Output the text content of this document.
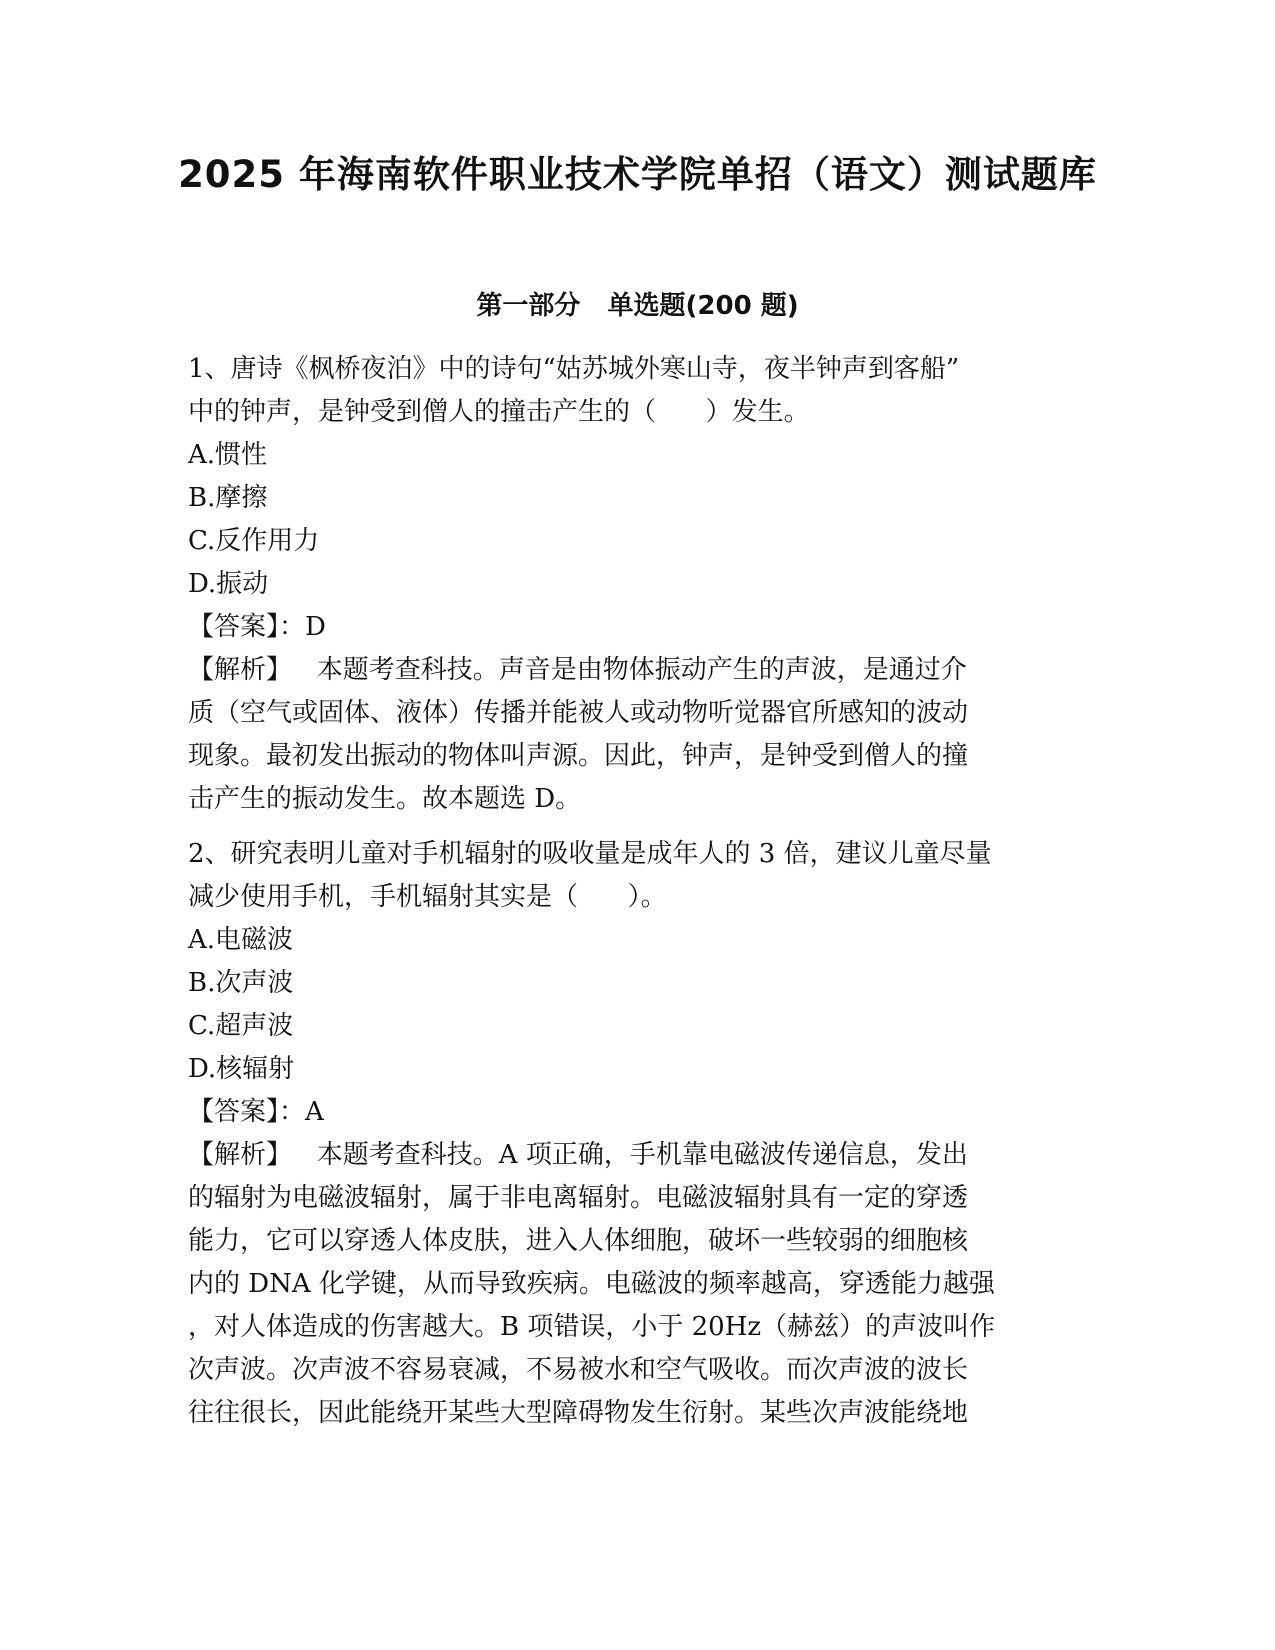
2025 年海南软件职业技术学院单招（语文）测试题库
第一部分   单选题(200 题)
1、唐诗《枫桥夜泊》中的诗句“姑苏城外寒山寺，夜半钟声到客船”
中的钟声，是钟受到僧人的撞击产生的（      ）发生。
A.惯性
B.摩擦
C.反作用力
D.振动
【答案】：D
【解析】   本题考查科技。声音是由物体振动产生的声波，是通过介
质（空气或固体、液体）传播并能被人或动物听觉器官所感知的波动
现象。最初发出振动的物体叫声源。因此，钟声，是钟受到僧人的撞
击产生的振动发生。故本题选 D。
2、研究表明儿童对手机辐射的吸收量是成年人的 3 倍，建议儿童尽量
减少使用手机，手机辐射其实是（      ）。
A.电磁波
B.次声波
C.超声波
D.核辐射
【答案】：A
【解析】   本题考查科技。A 项正确，手机靠电磁波传递信息，发出
的辐射为电磁波辐射，属于非电离辐射。电磁波辐射具有一定的穿透
能力，它可以穿透人体皮肤，进入人体细胞，破坏一些较弱的细胞核
内的 DNA 化学键，从而导致疾病。电磁波的频率越高，穿透能力越强
，对人体造成的伤害越大。B 项错误，小于 20Hz（赫兹）的声波叫作
次声波。次声波不容易衰减，不易被水和空气吸收。而次声波的波长
往往很长，因此能绕开某些大型障碍物发生衍射。某些次声波能绕地
